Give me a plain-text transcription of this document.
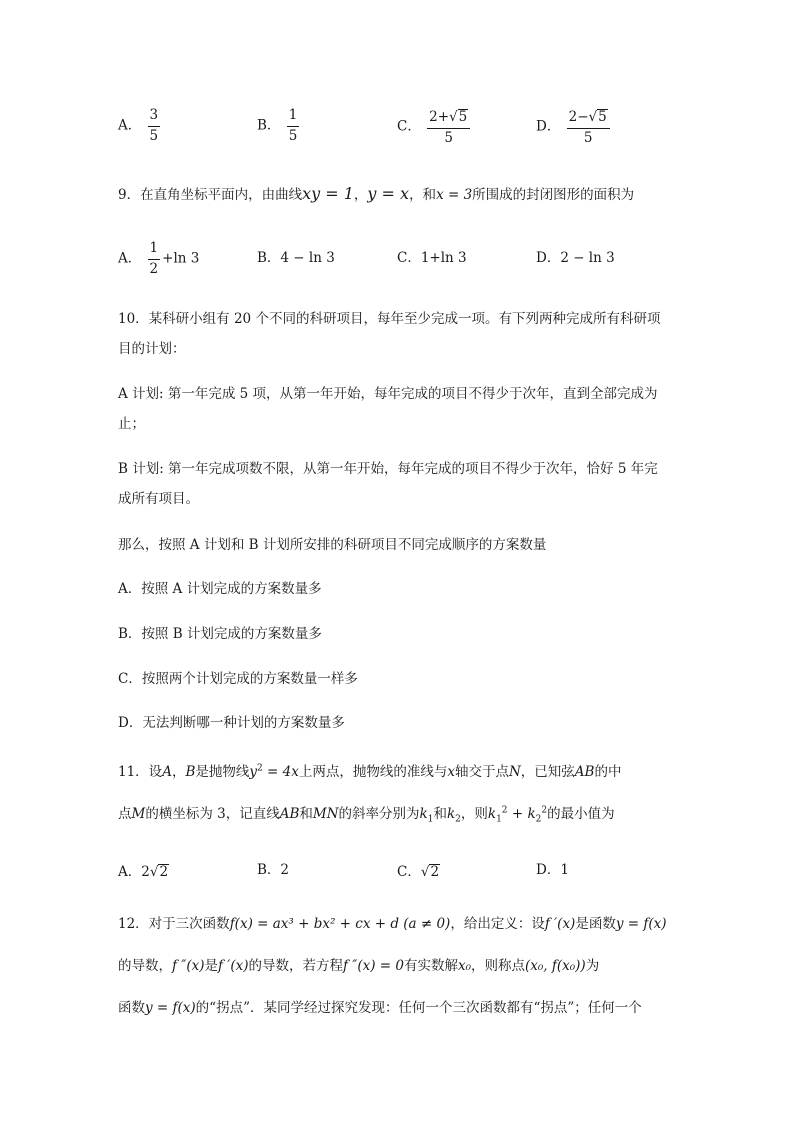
A． $\frac{3}{5}$	B． $\frac{1}{5}$	C． $\frac{2+√5}{5}$	D． $\frac{2-√5}{5}$
9．在直角坐标平面内，由曲线xy = 1，y = x，和x = 3所围成的封闭图形的面积为
A． $\frac{1}{2} +\ln$ 3	B．4 − ln 3	C．1+ln 3	D．2 − ln 3
10．某科研小组有 20 个不同的科研项目，每年至少完成一项。有下列两种完成所有科研项
目的计划：
A 计划: 第一年完成 5 项，从第一年开始，每年完成的项目不得少于次年，直到全部完成为
止；
B 计划: 第一年完成项数不限，从第一年开始，每年完成的项目不得少于次年，恰好 5 年完
成所有项目。
那么，按照 A 计划和 B 计划所安排的科研项目不同完成顺序的方案数量
A．按照 A 计划完成的方案数量多
B．按照 B 计划完成的方案数量多
C．按照两个计划完成的方案数量一样多
D．无法判断哪一种计划的方案数量多
11．设A，B是抛物线$y^2 = 4x$上两点，抛物线的准线与x轴交于点N，已知弦AB的中
点M的横坐标为 3，记直线AB和MN的斜率分别为$k_1$和$k_2$，则$k_1^2 + k_2^2$的最小值为
A．2√2	B．2	C．√2	D．1
12．对于三次函数f(x) = ax³ + bx² + cx + d (a ≠ 0)，给出定义：设f ′(x)是函数y = f(x)
的导数，f ″(x)是f ′(x)的导数，若方程f ″(x) = 0有实数解x₀，则称点(x₀, f(x₀))为
函数y = f(x)的“拐点”．某同学经过探究发现：任何一个三次函数都有“拐点”；任何一个
